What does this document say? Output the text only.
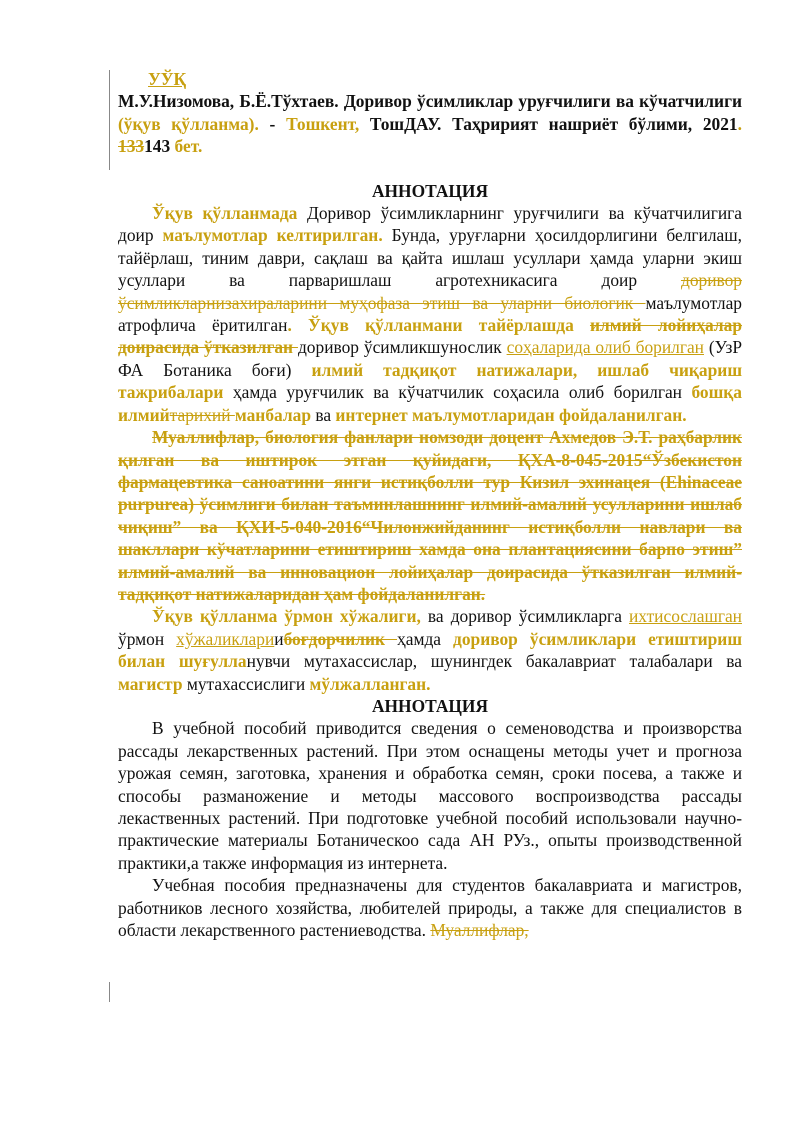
УЎҚ

М.У.Низомова, Б.Ё.Тўхтаев. Доривор ўсимликлар уруғчилиги ва кўчатчилиги (ўқув қўлланма). - Тошкент, ТошДАУ. Таҳририят нашриёт бўлими, 2021. 133143 бет.

АННОТАЦИЯ

Ўқув қўлланмада Доривор ўсимликларнинг уруғчилиги ва кўчатчилигига доир маълумотлар келтирилган. Бунда, уруғларни ҳосилдорлигини белгилаш, тайёрлаш, тиним даври, сақлаш ва қайта ишлаш усуллари ҳамда уларни экиш усуллари ва парваришлаш агротехникасига доир доривор ўсимликларнизахираларини муҳофаза этиш ва уларни биологик маълумотлар атрофлича ёритилган. Ўқув қўлланмани тайёрлашда илмий лойиҳалар доирасида ўтказилган доривор ўсимликшунослик соҳаларида олиб борилган (УзР ФА Ботаника боғи) илмий тадқиқот натижалари, ишлаб чиқариш тажрибалари ҳамда уруғчилик ва кўчатчилик соҳасила олиб борилган бошқа илмийтарихий манбалар ва интернет маълумотларидан фойдаланилган.

Муаллифлар, биология фанлари номзоди доцент Ахмедов Э.Т. раҳбарлик қилган ва иштирок этган қуйидаги, ҚХА-8-045-2015“Ўзбекистон фармацевтика саноатини янги истиқболли тур Кизил эхинацея (Ehinaceae purpurea) ўсимлиги билан таъминлашнинг илмий-амалий усулларини ишлаб чиқиш” ва ҚХИ-5-040-2016“Чилонжийданинг истиқболли навлари ва шакллари кўчатларини етиштириш хамда она плантациясини барпо этиш” илмий-амалий ва инновацион лойиҳалар доирасида ўтказилган илмий-тадқиқот натижаларидан ҳам фойдаланилган.

Ўқув қўлланма ўрмон хўжалиги, ва доривор ўсимликларга ихтисослашган ўрмон хўжаликлариибоғдорчилик ҳамда доривор ўсимликлари етиштириш билан шуғулланувчи мутахассислар, шунингдек бакалавриат талабалари ва магистр мутахассислиги мўлжалланган.

АННОТАЦИЯ

В учебной пособий приводится сведения о семеноводства и произворства рассады лекарственных растений. При этом оснащены методы учет и прогноза урожая семян, заготовка, хранения и обработка семян, сроки посева, а также и способы разманожение и методы массового воспроизводства рассады лекаственных растений. При подготовке учебной пособий использовали научно-практические материалы Ботаническоо сада АН РУз., опыты производственной практики,а также информация из интернета.

Учебная пособия предназначены для студентов бакалавриата и магистров, работников лесного хозяйства, любителей природы, а также для специалистов в области лекарственного растениеводства. Муаллифлар,
